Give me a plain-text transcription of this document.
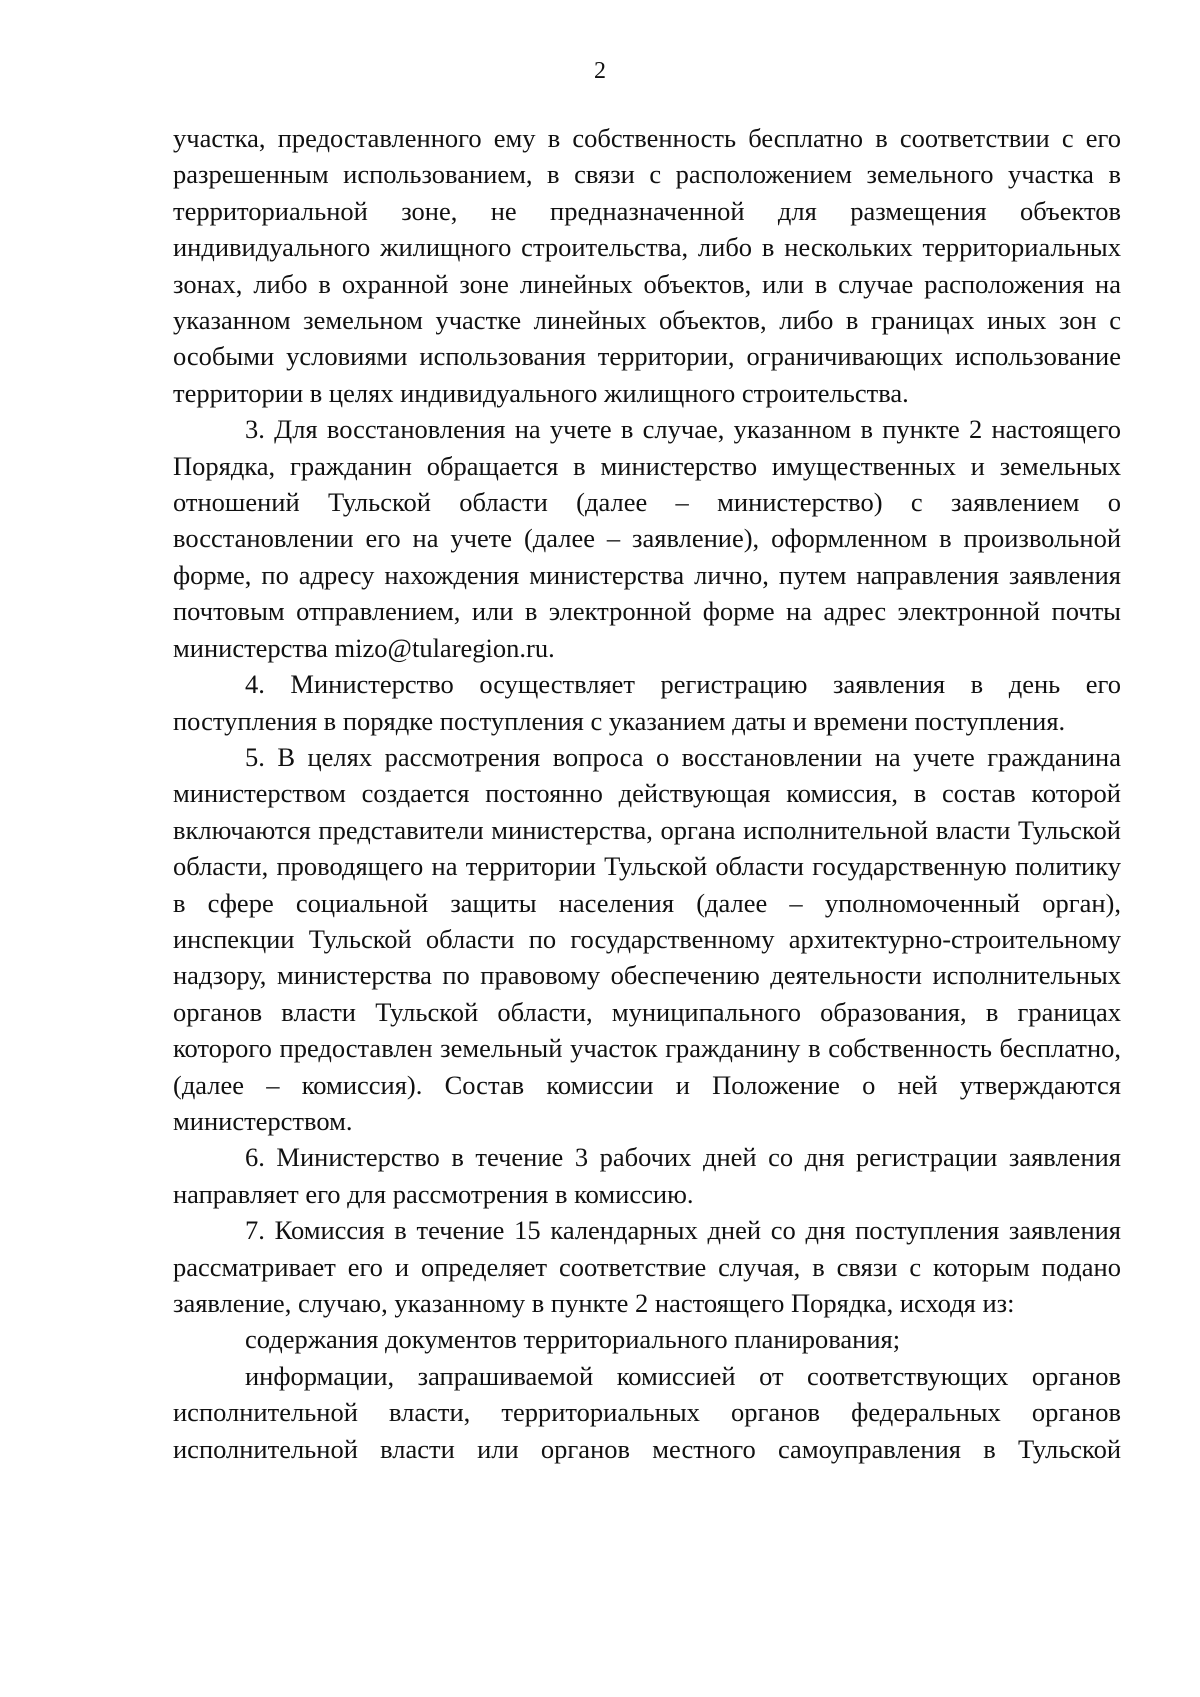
2

участка, предоставленного ему в собственность бесплатно в соответствии с его разрешенным использованием, в связи с расположением земельного участка в территориальной зоне, не предназначенной для размещения объектов индивидуального жилищного строительства, либо в нескольких территориальных зонах, либо в охранной зоне линейных объектов, или в случае расположения на указанном земельном участке линейных объектов, либо в границах иных зон с особыми условиями использования территории, ограничивающих использование территории в целях индивидуального жилищного строительства.

3. Для восстановления на учете в случае, указанном в пункте 2 настоящего Порядка, гражданин обращается в министерство имущественных и земельных отношений Тульской области (далее – министерство) с заявлением о восстановлении его на учете (далее – заявление), оформленном в произвольной форме, по адресу нахождения министерства лично, путем направления заявления почтовым отправлением, или в электронной форме на адрес электронной почты министерства mizo@tularegion.ru.

4. Министерство осуществляет регистрацию заявления в день его поступления в порядке поступления с указанием даты и времени поступления.

5. В целях рассмотрения вопроса о восстановлении на учете гражданина министерством создается постоянно действующая комиссия, в состав которой включаются представители министерства, органа исполнительной власти Тульской области, проводящего на территории Тульской области государственную политику в сфере социальной защиты населения (далее – уполномоченный орган), инспекции Тульской области по государственному архитектурно-строительному надзору, министерства по правовому обеспечению деятельности исполнительных органов власти Тульской области, муниципального образования, в границах которого предоставлен земельный участок гражданину в собственность бесплатно, (далее – комиссия). Состав комиссии и Положение о ней утверждаются министерством.

6. Министерство в течение 3 рабочих дней со дня регистрации заявления направляет его для рассмотрения в комиссию.

7. Комиссия в течение 15 календарных дней со дня поступления заявления рассматривает его и определяет соответствие случая, в связи с которым подано заявление, случаю, указанному в пункте 2 настоящего Порядка, исходя из:

содержания документов территориального планирования;

информации, запрашиваемой комиссией от соответствующих органов исполнительной власти, территориальных органов федеральных органов исполнительной власти или органов местного самоуправления в Тульской
